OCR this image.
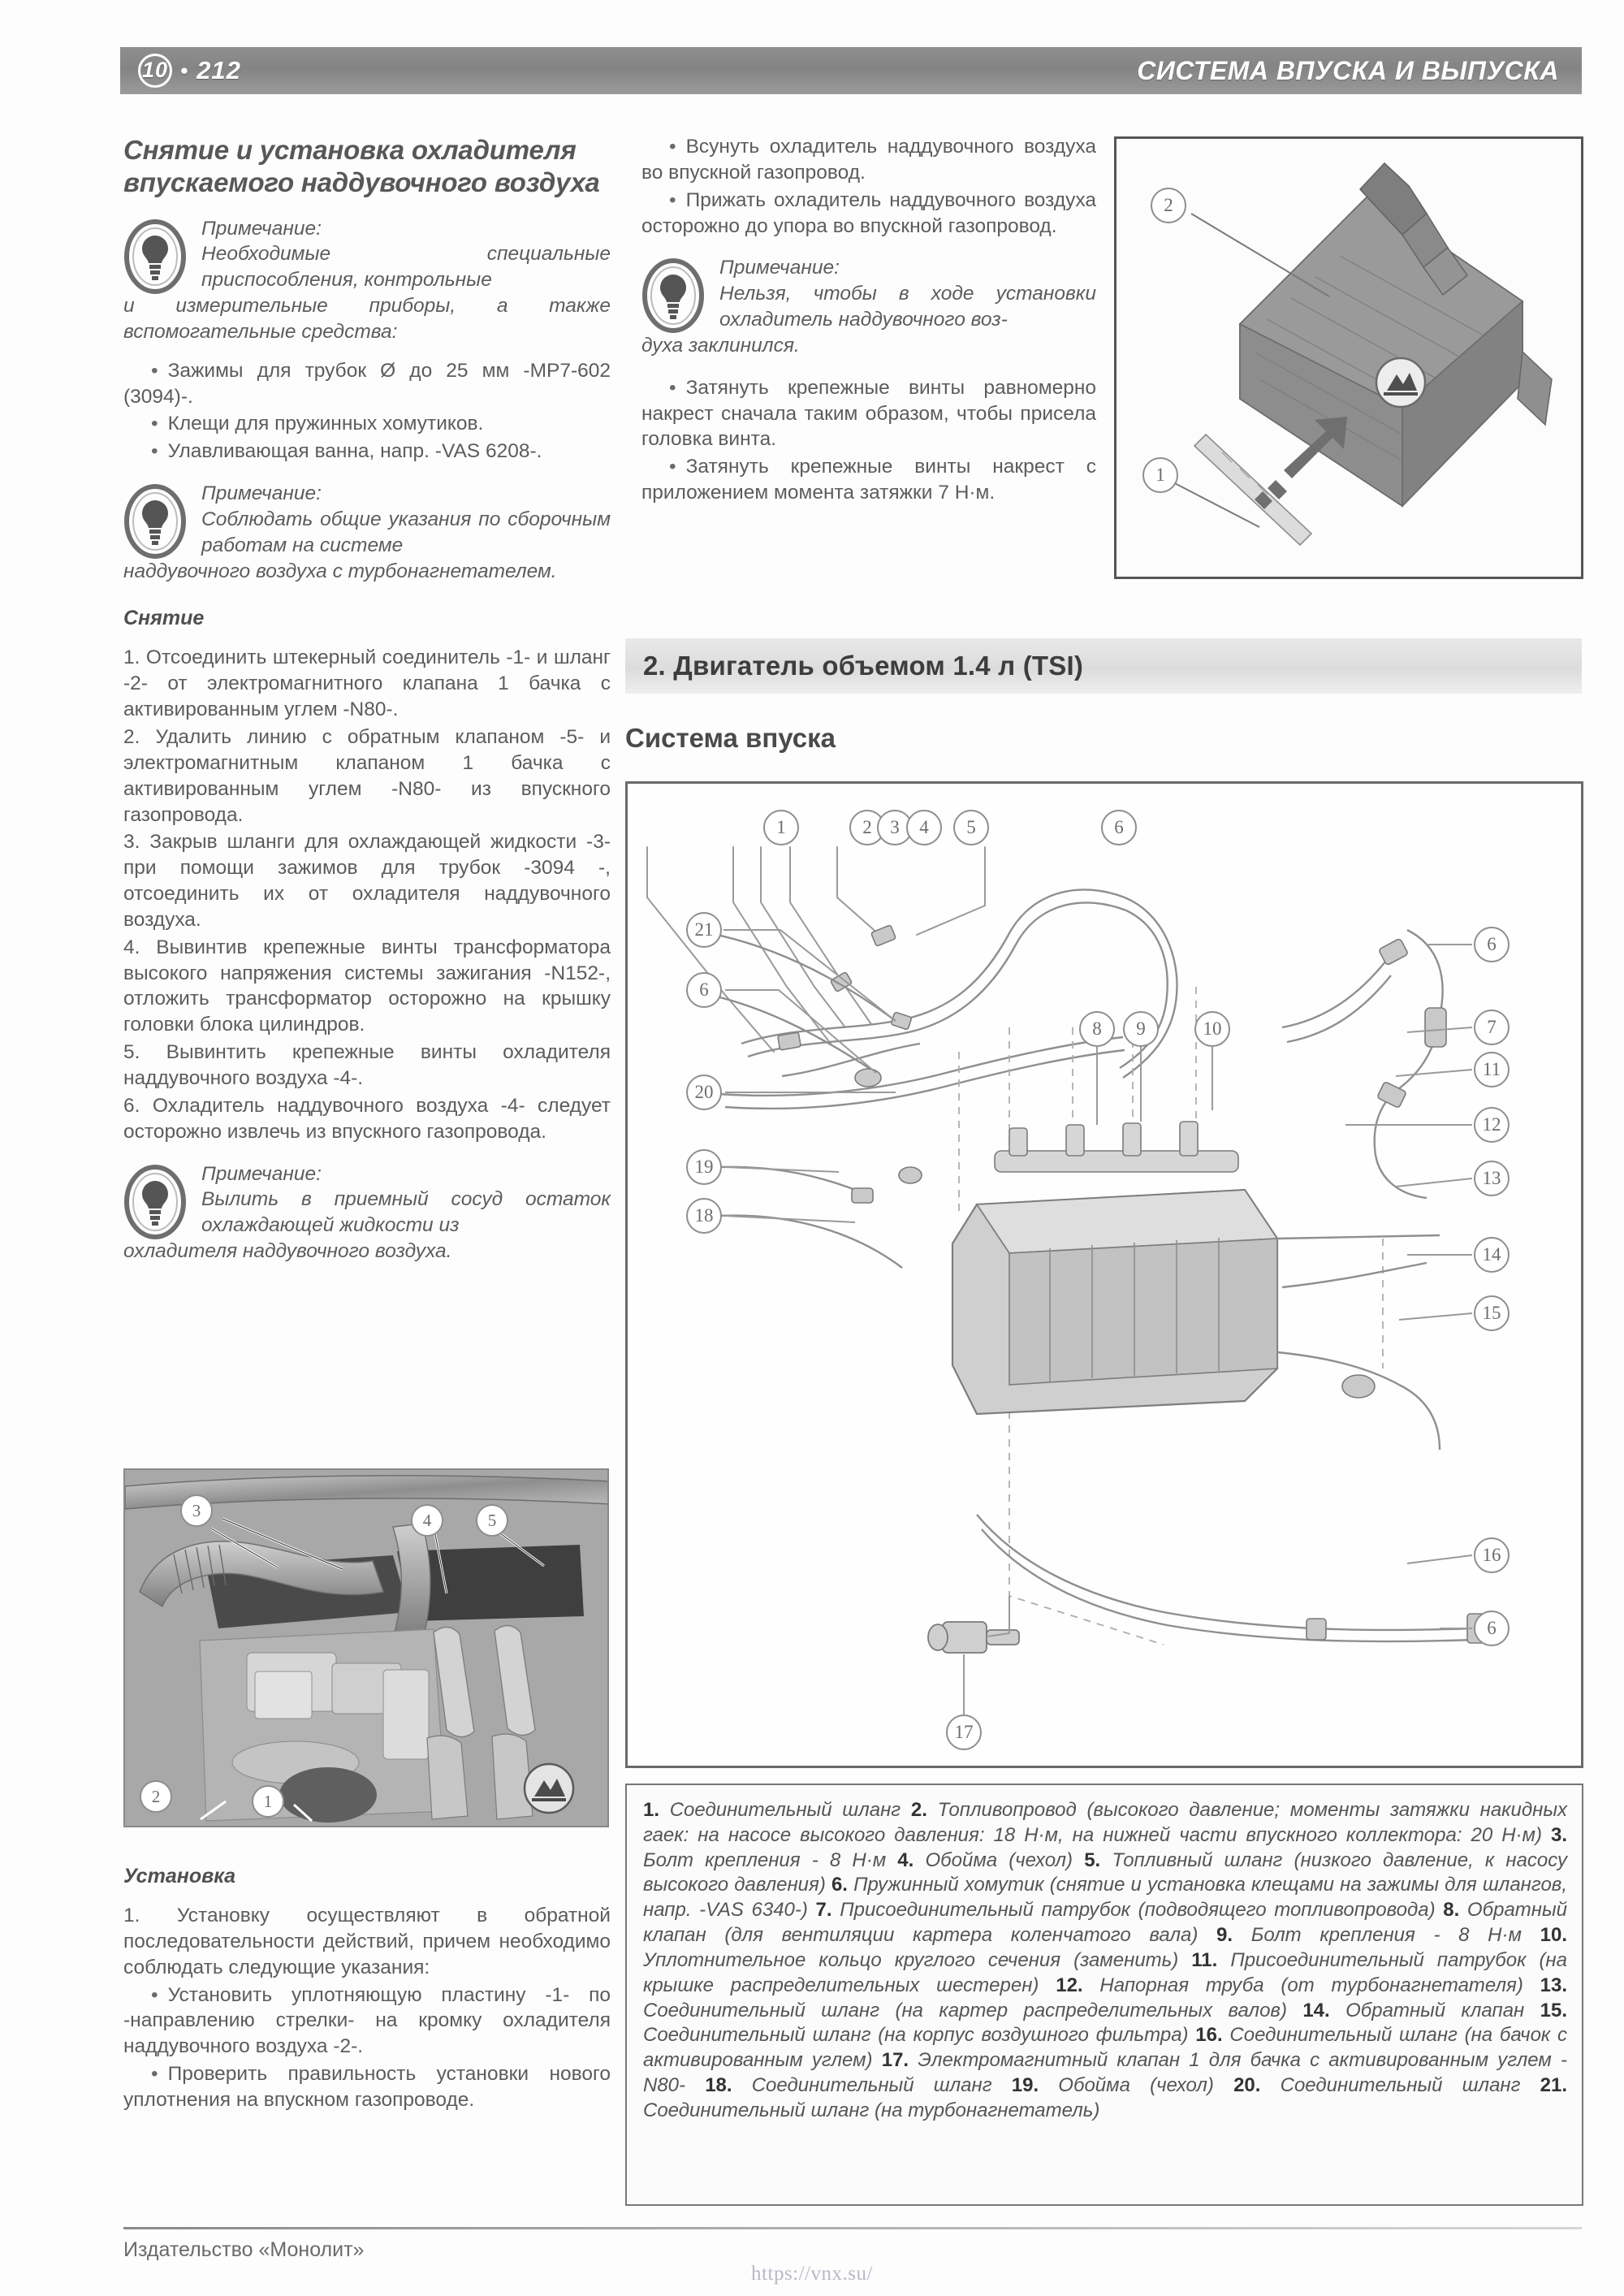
10 • 212	СИСТЕМА ВПУСКА И ВЫПУСКА
Снятие и установка охладителя впускаемого наддувочного воздуха
Примечание:
Необходимые специальные приспособления, контрольные
и измерительные приборы, а также вспомогательные средства:

• Зажимы для трубок Ø до 25 мм -MP7-602 (3094)-.

• Клещи для пружинных хомутиков.

• Улавливающая ванна, напр. -VAS 6208-.

Примечание:
Соблюдать общие указания по сборочным работам на системе
наддувочного воздуха с турбонагнетателем.
Снятие

1. Отсоединить штекерный соединитель -1- и шланг -2- от электромагнитного клапана 1 бачка с активированным углем -N80-.

2. Удалить линию с обратным клапаном -5- и электромагнитным клапаном 1 бачка с активированным углем -N80- из впускного газопровода.

3. Закрыв шланги для охлаждающей жидкости -3- при помощи зажимов для трубок -3094 -, отсоединить их от охладителя наддувочного воздуха.

4. Вывинтив крепежные винты трансформатора высокого напряжения системы зажигания -N152-, отложить трансформатор осторожно на крышку головки блока цилиндров.

5. Вывинтить крепежные винты охладителя наддувочного воздуха -4-.

6. Охладитель наддувочного воздуха -4- следует осторожно извлечь из впускного газопровода.

Примечание:
Вылить в приемный сосуд остаток охлаждающей жидкости из
охладителя наддувочного воздуха.
2	1
3	4	5
Установка

1. Установку осуществляют в обратной последовательности действий, причем необходимо соблюдать следующие указания:

• Установить уплотняющую пластину -1- по -направлению стрелки- на кромку охладителя наддувочного воздуха -2-.

• Проверить правильность установки нового уплотнения на впускном газопроводе.

• Всунуть охладитель наддувочного воздуха во впускной газопровод.

• Прижать охладитель наддувочного воздуха осторожно до упора во впускной газопровод.

Примечание:
Нельзя, чтобы в ходе установки охладитель наддувочного воз-
духа заклинился.

• Затянуть крепежные винты равномерно накрест сначала таким образом, чтобы присела головка винта.

• Затянуть крепежные винты накрест с приложением момента затяжки 7 Н·м.

2
1
2. Двигатель объемом 1.4 л (TSI)
Система впуска
1	2 3	4	5	6
21
6
20
19
18
8	9	10
6
7
11
12
13
14
15
16
6
17

1. Соединительный шланг 2. Топливопровод (высокого давление; моменты затяжки накидных гаек: на насосе высокого давления: 18 Н·м, на нижней части впускного коллектора: 20 Н·м) 3. Болт крепления - 8 Н·м 4. Обойма (чехол) 5. Топливный шланг (низкого давление, к насосу высокого давления) 6. Пружинный хомутик (снятие и установка клещами на зажимы для шлангов, напр. -VAS 6340-) 7. Присоединительный патрубок (подводящего топливопровода) 8. Обратный клапан (для вентиляции картера коленчатого вала) 9. Болт крепления - 8 Н·м 10. Уплотнительное кольцо круглого сечения (заменить) 11. Присоединительный патрубок (на крышке распределительных шестерен) 12. Напорная труба (от турбонагнетателя) 13. Соединительный шланг (на картер распределительных валов) 14. Обратный клапан 15. Соединительный шланг (на корпус воздушного фильтра) 16. Соединительный шланг (на бачок с активированным углем) 17. Электромагнитный клапан 1 для бачка с активированным углем -N80- 18. Соединительный шланг 19. Обойма (чехол) 20. Соединительный шланг 21. Соединительный шланг (на турбонагнетатель)

Издательство «Монолит»
https://vnx.su/
